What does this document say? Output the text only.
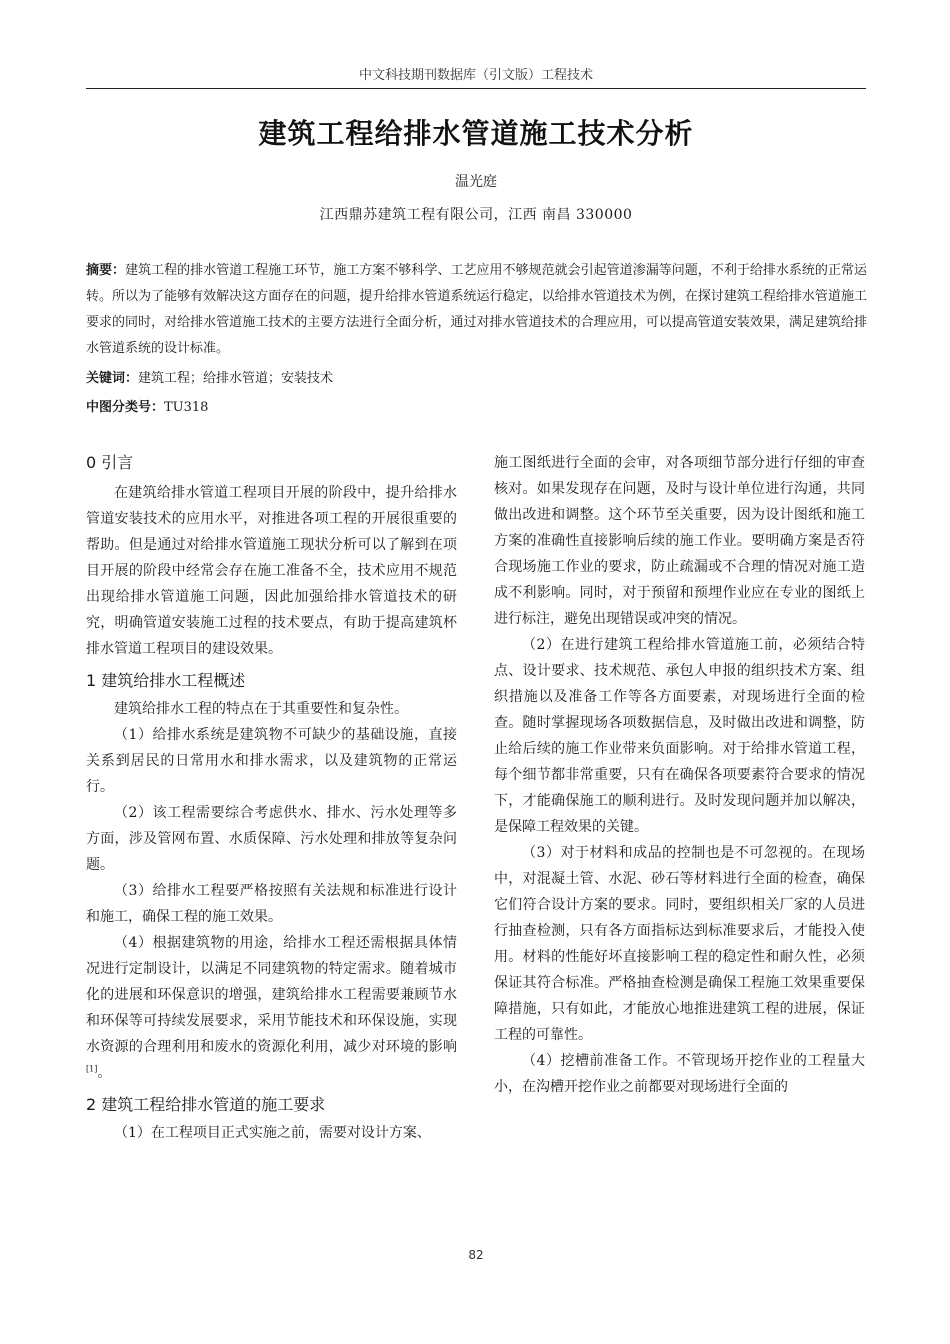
中文科技期刊数据库（引文版）工程技术
建筑工程给排水管道施工技术分析
温光庭
江西鼎苏建筑工程有限公司，江西 南昌 330000
摘要：建筑工程的排水管道工程施工环节，施工方案不够科学、工艺应用不够规范就会引起管道渗漏等问题，不利于给排水系统的正常运转。所以为了能够有效解决这方面存在的问题，提升给排水管道系统运行稳定，以给排水管道技术为例，在探讨建筑工程给排水管道施工要求的同时，对给排水管道施工技术的主要方法进行全面分析，通过对排水管道技术的合理应用，可以提高管道安装效果，满足建筑给排水管道系统的设计标准。
关键词：建筑工程；给排水管道；安装技术
中图分类号：TU318
0 引言

在建筑给排水管道工程项目开展的阶段中，提升给排水管道安装技术的应用水平，对推进各项工程的开展很重要的帮助。但是通过对给排水管道施工现状分析可以了解到在项目开展的阶段中经常会存在施工准备不全，技术应用不规范出现给排水管道施工问题，因此加强给排水管道技术的研究，明确管道安装施工过程的技术要点，有助于提高建筑杯排水管道工程项目的建设效果。

1 建筑给排水工程概述

建筑给排水工程的特点在于其重要性和复杂性。

（1）给排水系统是建筑物不可缺少的基础设施，直接关系到居民的日常用水和排水需求，以及建筑物的正常运行。

（2）该工程需要综合考虑供水、排水、污水处理等多方面，涉及管网布置、水质保障、污水处理和排放等复杂问题。

（3）给排水工程要严格按照有关法规和标准进行设计和施工，确保工程的施工效果。

（4）根据建筑物的用途，给排水工程还需根据具体情况进行定制设计，以满足不同建筑物的特定需求。随着城市化的进展和环保意识的增强，建筑给排水工程需要兼顾节水和环保等可持续发展要求，采用节能技术和环保设施，实现水资源的合理利用和废水的资源化利用，减少对环境的影响[1]。

2 建筑工程给排水管道的施工要求

（1）在工程项目正式实施之前，需要对设计方案、

施工图纸进行全面的会审，对各项细节部分进行仔细的审查核对。如果发现存在问题，及时与设计单位进行沟通，共同做出改进和调整。这个环节至关重要，因为设计图纸和施工方案的准确性直接影响后续的施工作业。要明确方案是否符合现场施工作业的要求，防止疏漏或不合理的情况对施工造成不利影响。同时，对于预留和预埋作业应在专业的图纸上进行标注，避免出现错误或冲突的情况。

（2）在进行建筑工程给排水管道施工前，必须结合特点、设计要求、技术规范、承包人申报的组织技术方案、组织措施以及准备工作等各方面要素，对现场进行全面的检查。随时掌握现场各项数据信息，及时做出改进和调整，防止给后续的施工作业带来负面影响。对于给排水管道工程，每个细节都非常重要，只有在确保各项要素符合要求的情况下，才能确保施工的顺利进行。及时发现问题并加以解决，是保障工程效果的关键。

（3）对于材料和成品的控制也是不可忽视的。在现场中，对混凝土管、水泥、砂石等材料进行全面的检查，确保它们符合设计方案的要求。同时，要组织相关厂家的人员进行抽查检测，只有各方面指标达到标准要求后，才能投入使用。材料的性能好坏直接影响工程的稳定性和耐久性，必须保证其符合标准。严格抽查检测是确保工程施工效果重要保障措施，只有如此，才能放心地推进建筑工程的进展，保证工程的可靠性。

（4）挖槽前准备工作。不管现场开挖作业的工程量大小，在沟槽开挖作业之前都要对现场进行全面的

82
